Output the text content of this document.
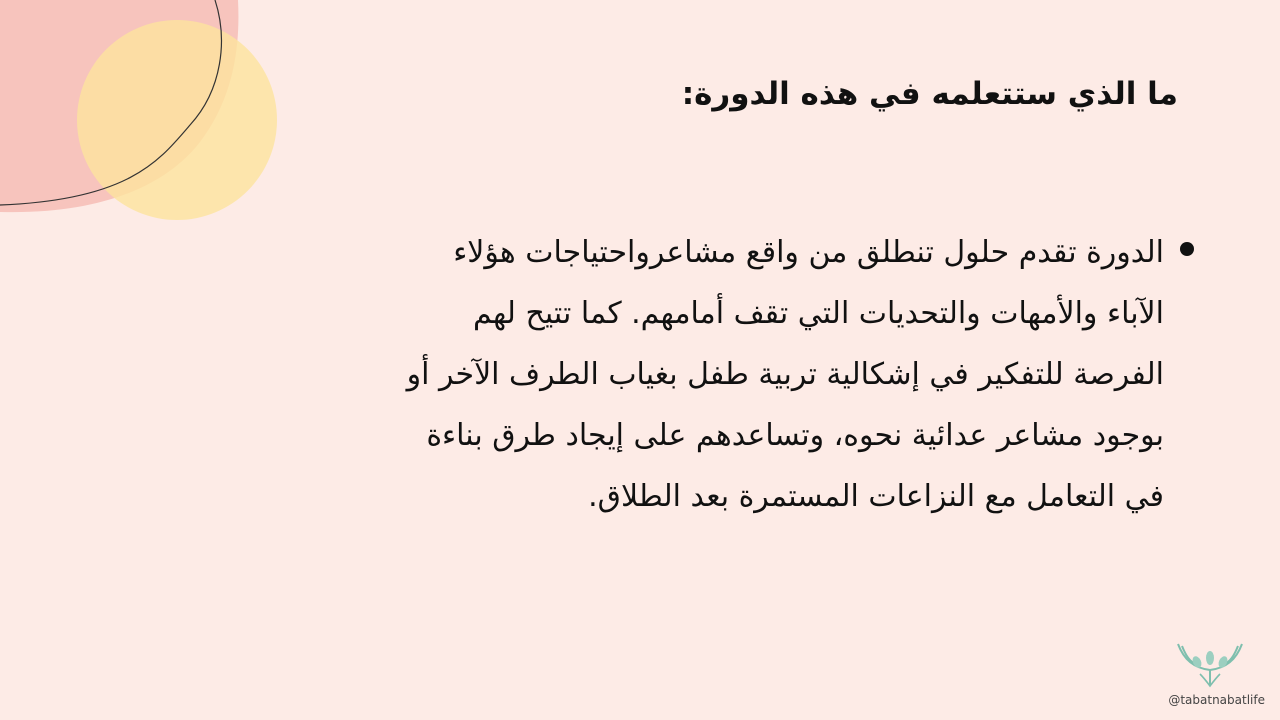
ما الذي ستتعلمه في هذه الدورة:
الدورة تقدم حلول تنطلق من واقع مشاعرواحتياجات هؤلاء الآباء والأمهات والتحديات التي تقف أمامهم. كما تتيح لهم الفرصة للتفكير في إشكالية تربية طفل بغياب الطرف الآخر أو بوجود مشاعر عدائية نحوه، وتساعدهم على إيجاد طرق بناءة في التعامل مع النزاعات المستمرة بعد الطلاق.
@tabatnabatlife
